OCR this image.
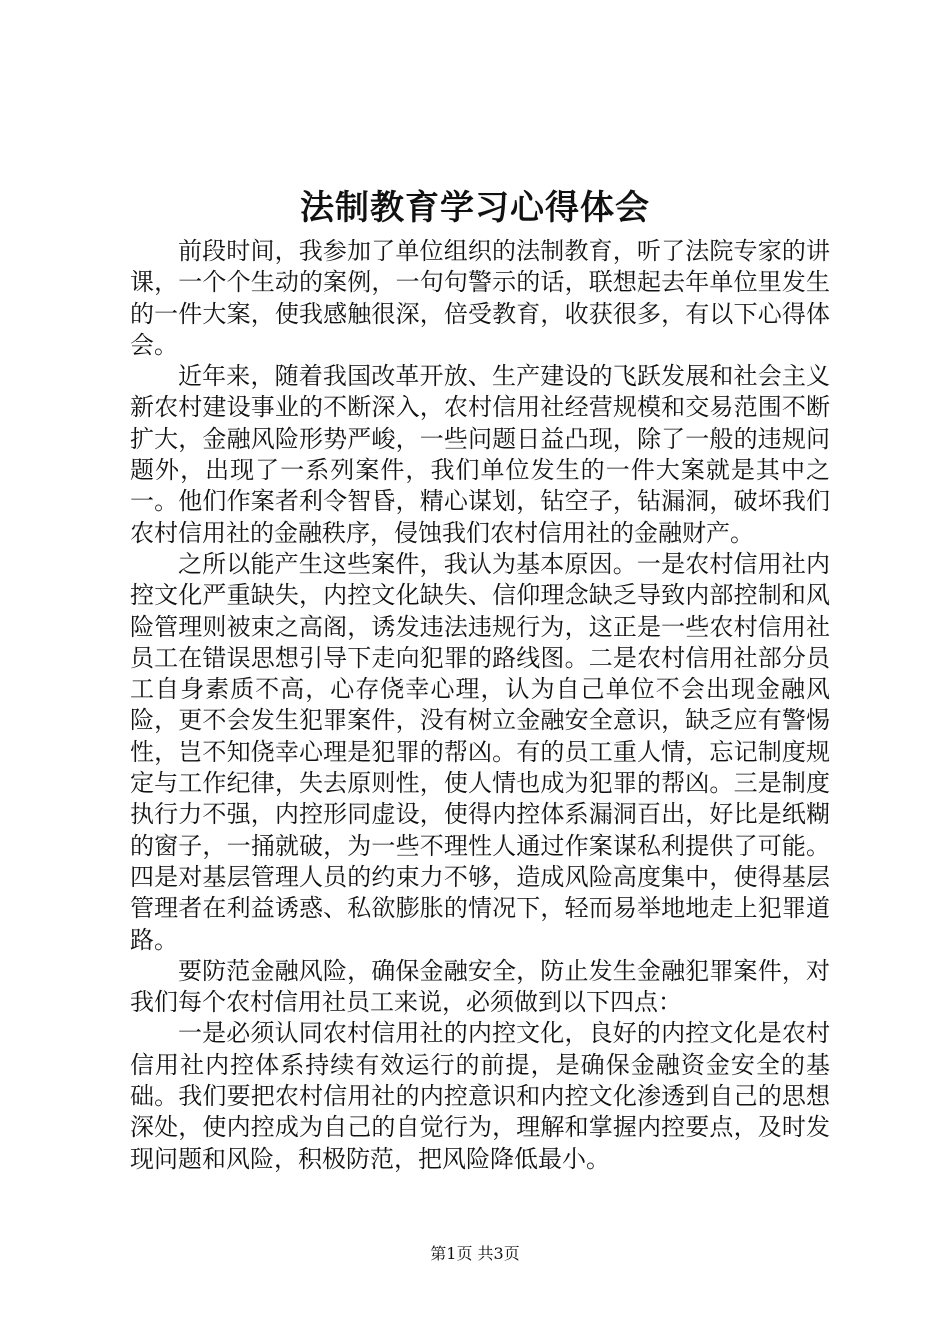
法制教育学习心得体会

前段时间，我参加了单位组织的法制教育，听了法院专家的讲课，一个个生动的案例，一句句警示的话，联想起去年单位里发生的一件大案，使我感触很深，倍受教育，收获很多，有以下心得体会。

近年来，随着我国改革开放、生产建设的飞跃发展和社会主义新农村建设事业的不断深入，农村信用社经营规模和交易范围不断扩大，金融风险形势严峻，一些问题日益凸现，除了一般的违规问题外，出现了一系列案件，我们单位发生的一件大案就是其中之一。他们作案者利令智昏，精心谋划，钻空子，钻漏洞，破坏我们农村信用社的金融秩序，侵蚀我们农村信用社的金融财产。

之所以能产生这些案件，我认为基本原因。一是农村信用社内控文化严重缺失，内控文化缺失、信仰理念缺乏导致内部控制和风险管理则被束之高阁，诱发违法违规行为，这正是一些农村信用社员工在错误思想引导下走向犯罪的路线图。二是农村信用社部分员工自身素质不高，心存侥幸心理，认为自己单位不会出现金融风险，更不会发生犯罪案件，没有树立金融安全意识，缺乏应有警惕性，岂不知侥幸心理是犯罪的帮凶。有的员工重人情，忘记制度规定与工作纪律，失去原则性，使人情也成为犯罪的帮凶。三是制度执行力不强，内控形同虚设，使得内控体系漏洞百出，好比是纸糊的窗子，一捅就破，为一些不理性人通过作案谋私利提供了可能。四是对基层管理人员的约束力不够，造成风险高度集中，使得基层管理者在利益诱惑、私欲膨胀的情况下，轻而易举地地走上犯罪道路。

要防范金融风险，确保金融安全，防止发生金融犯罪案件，对我们每个农村信用社员工来说，必须做到以下四点：

一是必须认同农村信用社的内控文化，良好的内控文化是农村信用社内控体系持续有效运行的前提，是确保金融资金安全的基础。我们要把农村信用社的内控意识和内控文化渗透到自己的思想深处，使内控成为自己的自觉行为，理解和掌握内控要点，及时发现问题和风险，积极防范，把风险降低最小。

第1页 共3页
